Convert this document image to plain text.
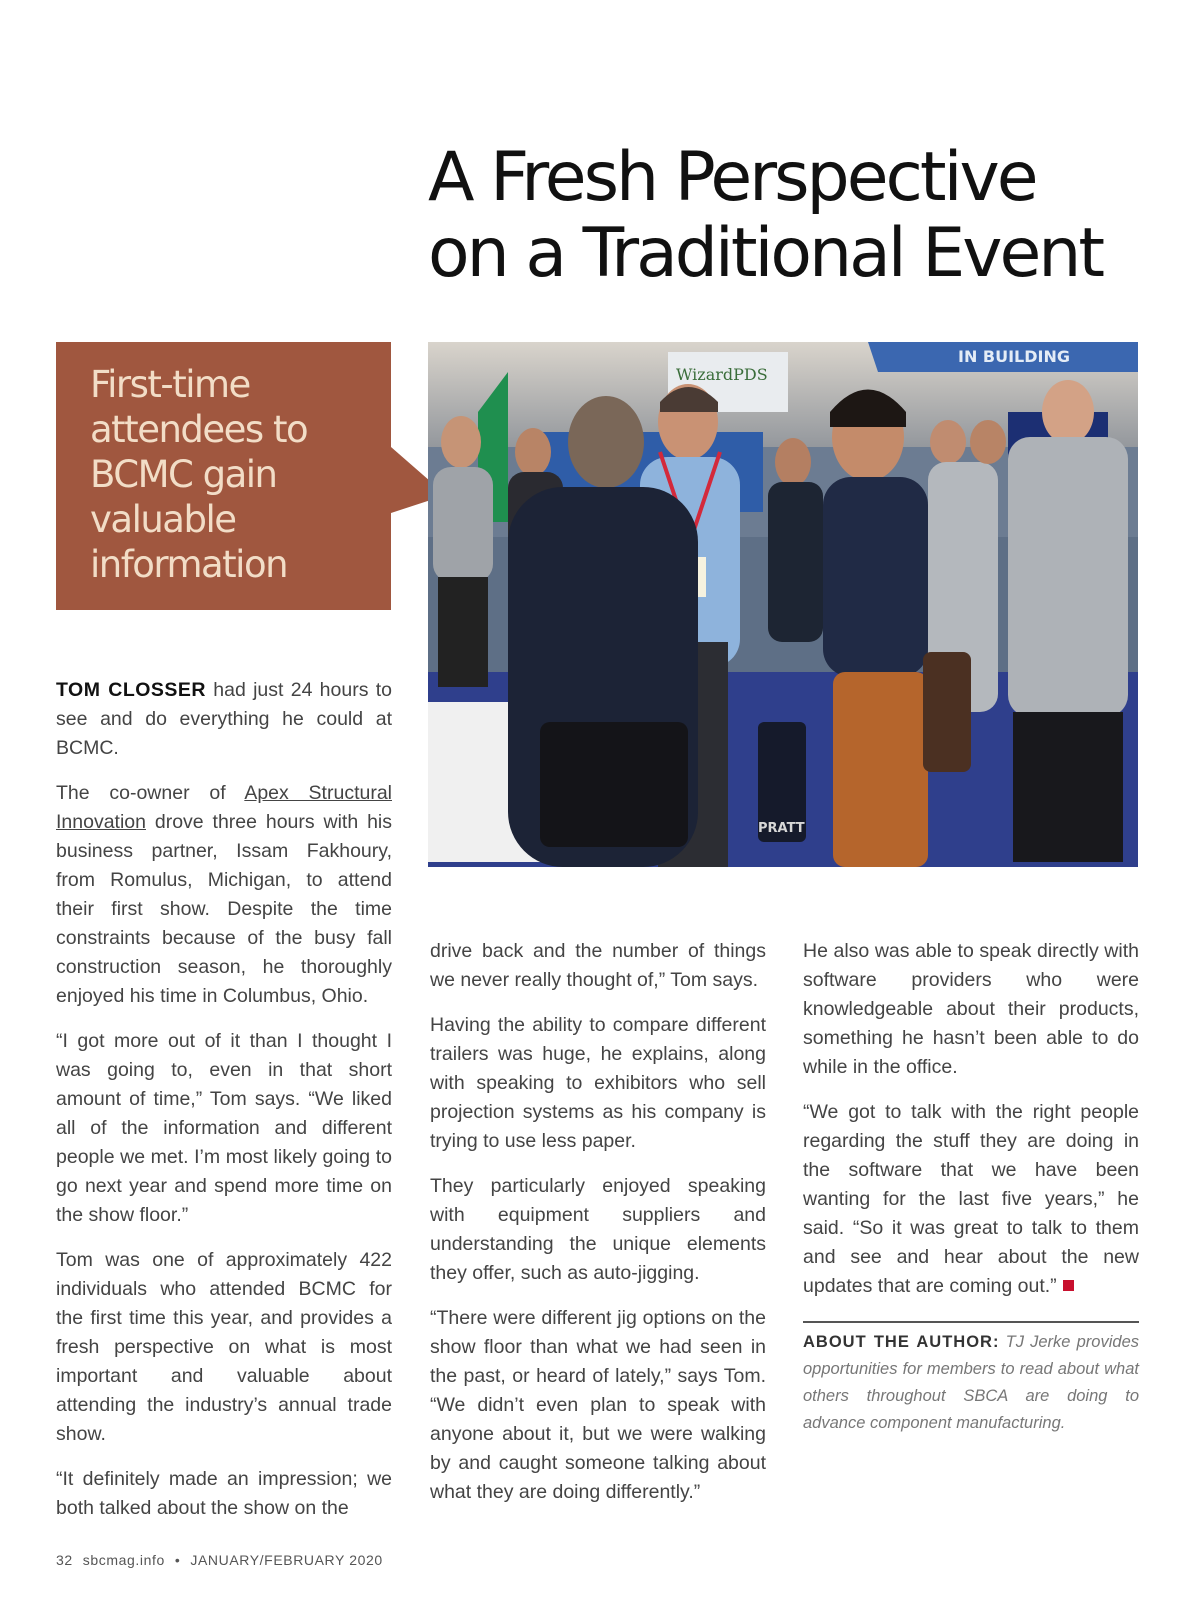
A Fresh Perspective
on a Traditional Event
First-time
attendees to
BCMC gain
valuable
information
IN BUILDING
WizardPDS
PRATT

TOM CLOSSER had just 24 hours to see and do everything he could at BCMC.

The co-owner of Apex Structural Innovation drove three hours with his business partner, Issam Fakhoury, from Romulus, Michigan, to attend their first show. Despite the time constraints because of the busy fall construction season, he thoroughly enjoyed his time in Columbus, Ohio.

“I got more out of it than I thought I was going to, even in that short amount of time,” Tom says. “We liked all of the information and different people we met. I’m most likely going to go next year and spend more time on the show floor.”

Tom was one of approximately 422 individuals who attended BCMC for the first time this year, and provides a fresh perspective on what is most important and valuable about attending the industry’s annual trade show.

“It definitely made an impression; we both talked about the show on the

drive back and the number of things we never really thought of,” Tom says.

Having the ability to compare different trailers was huge, he explains, along with speaking to exhibitors who sell projection systems as his company is trying to use less paper.

They particularly enjoyed speaking with equipment suppliers and understanding the unique elements they offer, such as auto-jigging.

“There were different jig options on the show floor than what we had seen in the past, or heard of lately,” says Tom. “We didn’t even plan to speak with anyone about it, but we were walking by and caught someone talking about what they are doing differently.”

He also was able to speak directly with software providers who were knowledgeable about their products, something he hasn’t been able to do while in the office.

“We got to talk with the right people regarding the stuff they are doing in the software that we have been wanting for the last five years,” he said. “So it was great to talk to them and see and hear about the new updates that are coming out.”

ABOUT THE AUTHOR: TJ Jerke provides opportunities for members to read about what others throughout SBCA are doing to advance component manufacturing.
32 sbcmag.info • JANUARY/FEBRUARY 2020
